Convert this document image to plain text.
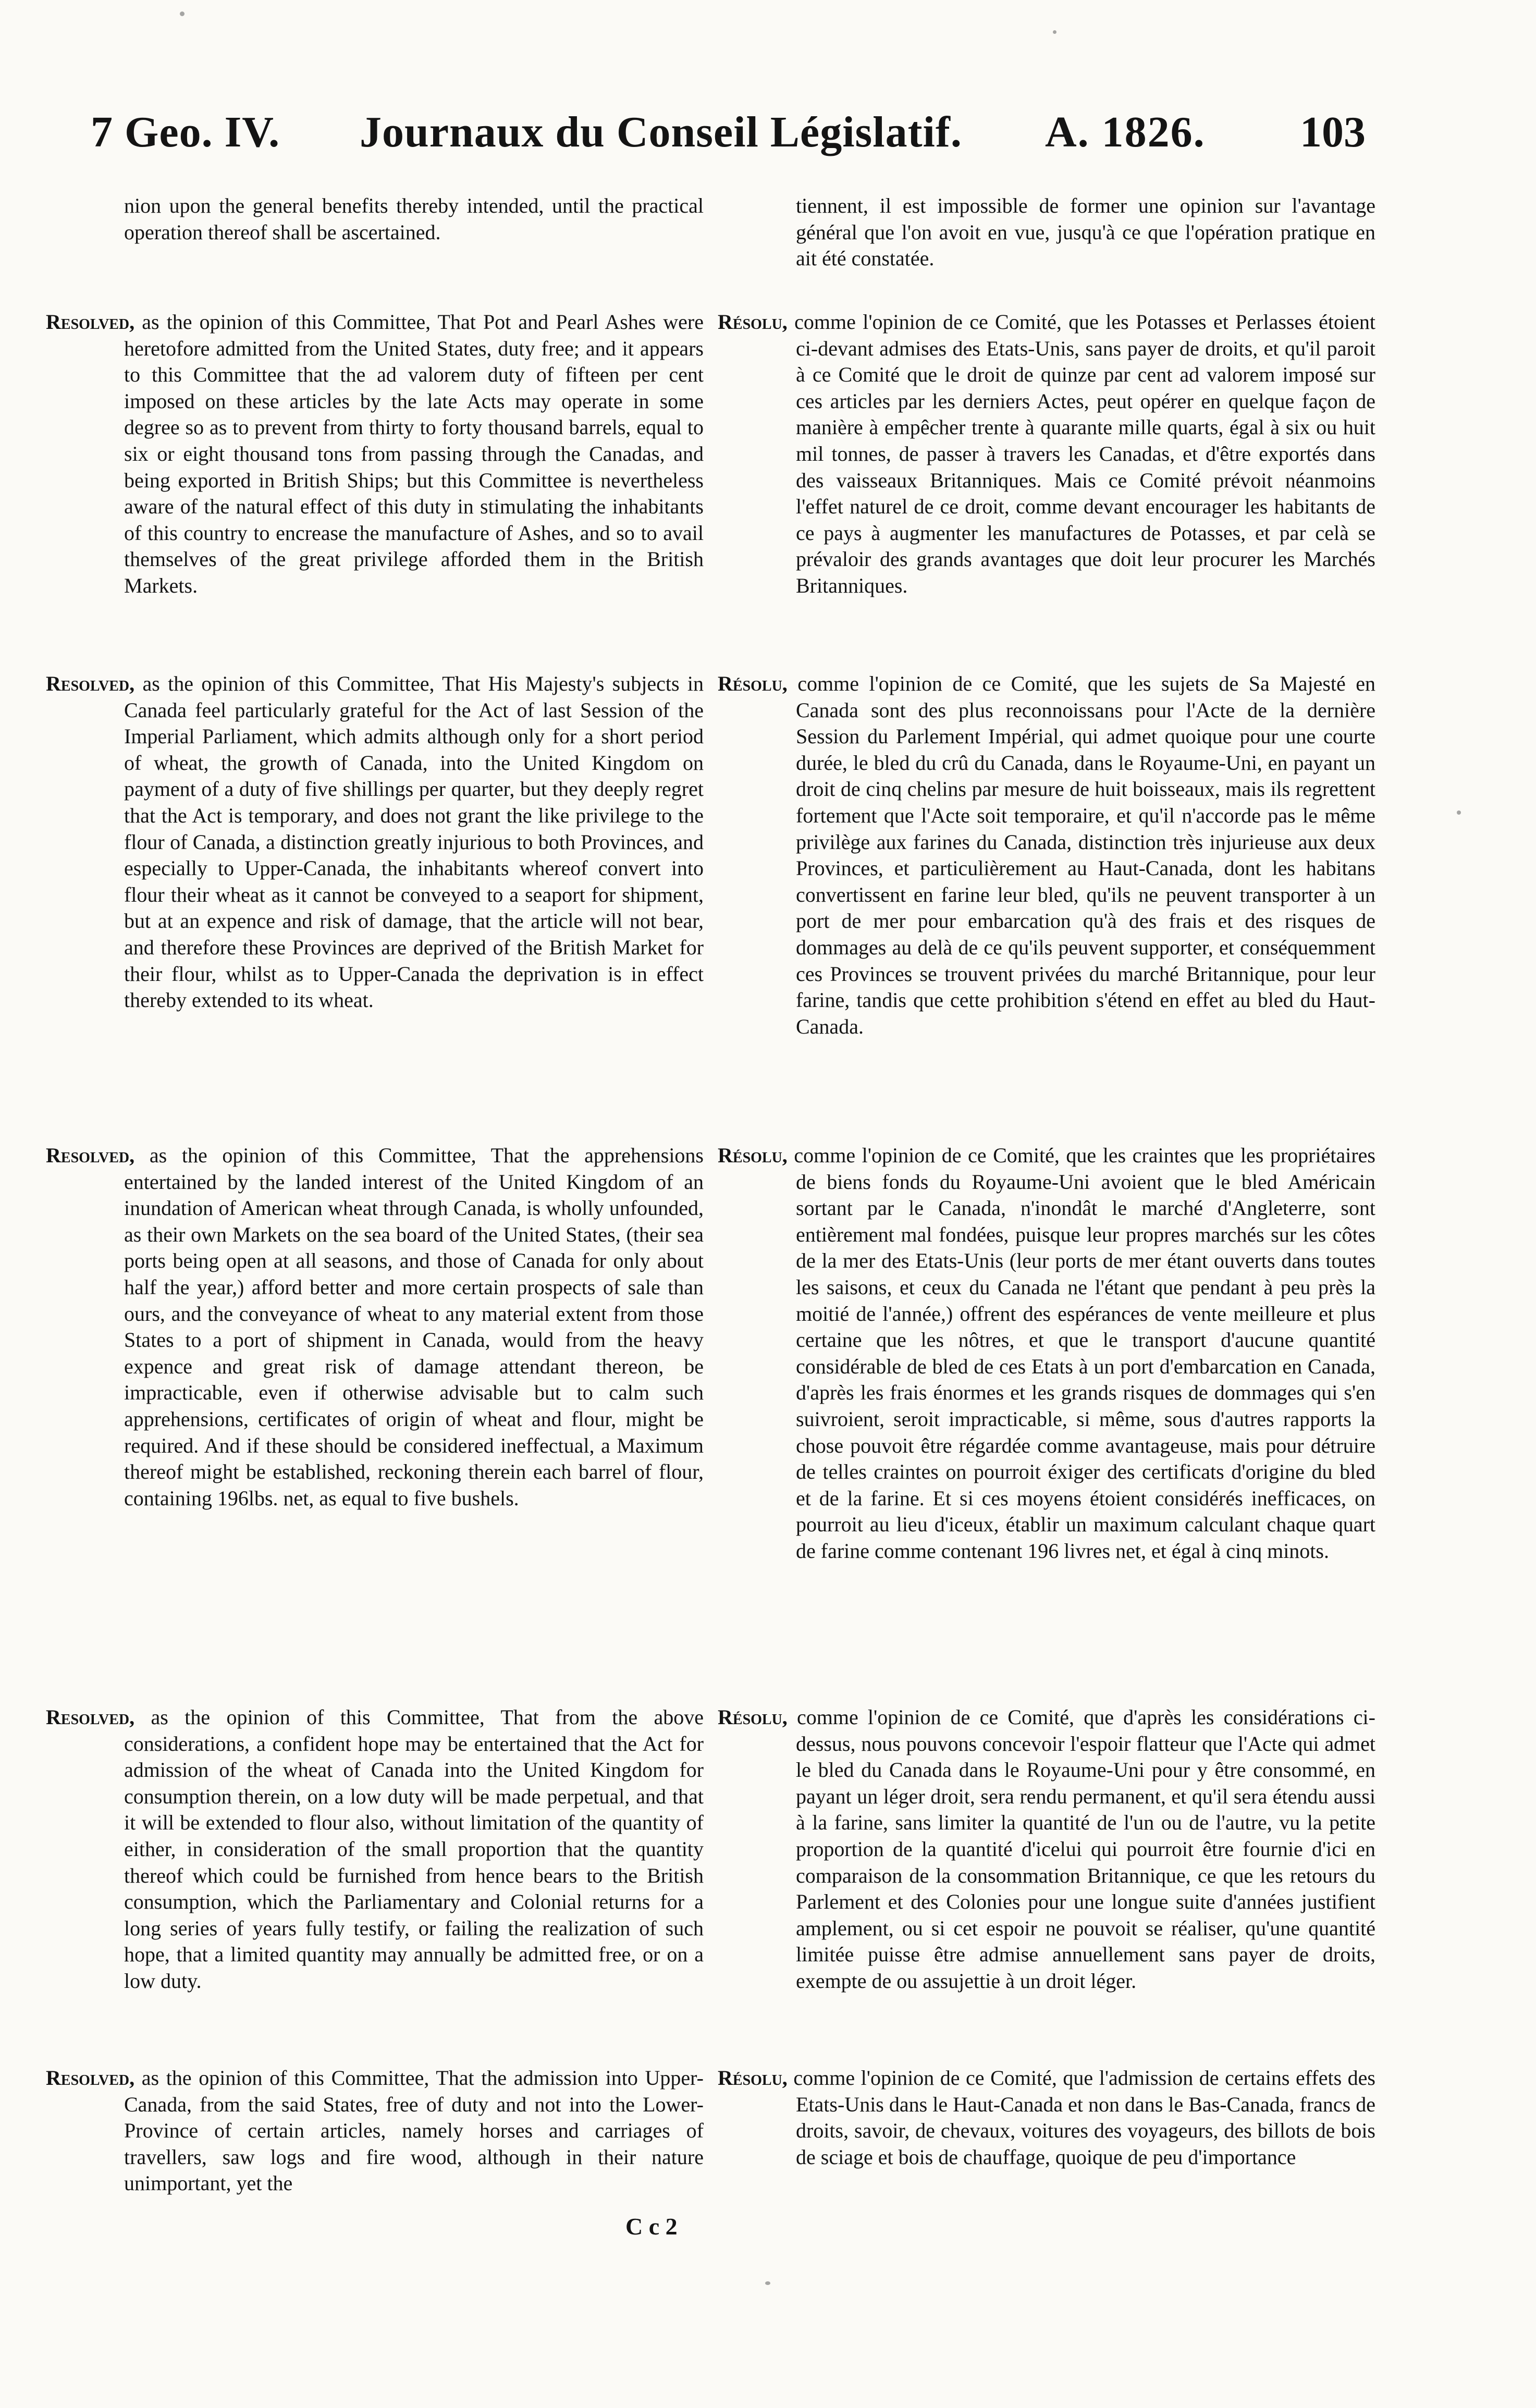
7 Geo. IV. Journaux du Conseil Législatif. A. 1826. 103

nion upon the general benefits thereby intended, until the practical operation thereof shall be ascertained.

Resolved, as the opinion of this Committee, That Pot and Pearl Ashes were heretofore admitted from the United States, duty free; and it appears to this Committee that the ad valorem duty of fifteen per cent imposed on these articles by the late Acts may operate in some degree so as to prevent from thirty to forty thousand barrels, equal to six or eight thousand tons from passing through the Canadas, and being exported in British Ships; but this Committee is nevertheless aware of the natural effect of this duty in stimulating the inhabitants of this country to encrease the manufacture of Ashes, and so to avail themselves of the great privilege afforded them in the British Markets.

Resolved, as the opinion of this Committee, That His Majesty's subjects in Canada feel particularly grateful for the Act of last Session of the Imperial Parliament, which admits although only for a short period of wheat, the growth of Canada, into the United Kingdom on payment of a duty of five shillings per quarter, but they deeply regret that the Act is temporary, and does not grant the like privilege to the flour of Canada, a distinction greatly injurious to both Provinces, and especially to Upper-Canada, the inhabitants whereof convert into flour their wheat as it cannot be conveyed to a seaport for shipment, but at an expence and risk of damage, that the article will not bear, and therefore these Provinces are deprived of the British Market for their flour, whilst as to Upper-Canada the deprivation is in effect thereby extended to its wheat.

Resolved, as the opinion of this Committee, That the apprehensions entertained by the landed interest of the United Kingdom of an inundation of American wheat through Canada, is wholly unfounded, as their own Markets on the sea board of the United States, (their sea ports being open at all seasons, and those of Canada for only about half the year,) afford better and more certain prospects of sale than ours, and the conveyance of wheat to any material extent from those States to a port of shipment in Canada, would from the heavy expence and great risk of damage attendant thereon, be impracticable, even if otherwise advisable but to calm such apprehensions, certificates of origin of wheat and flour, might be required. And if these should be considered ineffectual, a Maximum thereof might be established, reckoning therein each barrel of flour, containing 196lbs. net, as equal to five bushels.

Resolved, as the opinion of this Committee, That from the above considerations, a confident hope may be entertained that the Act for admission of the wheat of Canada into the United Kingdom for consumption therein, on a low duty will be made perpetual, and that it will be extended to flour also, without limitation of the quantity of either, in consideration of the small proportion that the quantity thereof which could be furnished from hence bears to the British consumption, which the Parliamentary and Colonial returns for a long series of years fully testify, or failing the realization of such hope, that a limited quantity may annually be admitted free, or on a low duty.

Resolved, as the opinion of this Committee, That the admission into Upper-Canada, from the said States, free of duty and not into the Lower-Province of certain articles, namely horses and carriages of travellers, saw logs and fire wood, although in their nature unimportant, yet the

tiennent, il est impossible de former une opinion sur l'avantage général que l'on avoit en vue, jusqu'à ce que l'opération pratique en ait été constatée.

Résolu, comme l'opinion de ce Comité, que les Potasses et Perlasses étoient ci-devant admises des Etats-Unis, sans payer de droits, et qu'il paroit à ce Comité que le droit de quinze par cent ad valorem imposé sur ces articles par les derniers Actes, peut opérer en quelque façon de manière à empêcher trente à quarante mille quarts, égal à six ou huit mil tonnes, de passer à travers les Canadas, et d'être exportés dans des vaisseaux Britanniques. Mais ce Comité prévoit néanmoins l'effet naturel de ce droit, comme devant encourager les habitants de ce pays à augmenter les manufactures de Potasses, et par celà se prévaloir des grands avantages que doit leur procurer les Marchés Britanniques.

Résolu, comme l'opinion de ce Comité, que les sujets de Sa Majesté en Canada sont des plus reconnoissans pour l'Acte de la dernière Session du Parlement Impérial, qui admet quoique pour une courte durée, le bled du crû du Canada, dans le Royaume-Uni, en payant un droit de cinq chelins par mesure de huit boisseaux, mais ils regrettent fortement que l'Acte soit temporaire, et qu'il n'accorde pas le même privilège aux farines du Canada, distinction très injurieuse aux deux Provinces, et particulièrement au Haut-Canada, dont les habitans convertissent en farine leur bled, qu'ils ne peuvent transporter à un port de mer pour embarcation qu'à des frais et des risques de dommages au delà de ce qu'ils peuvent supporter, et conséquemment ces Provinces se trouvent privées du marché Britannique, pour leur farine, tandis que cette prohibition s'étend en effet au bled du Haut-Canada.

Résolu, comme l'opinion de ce Comité, que les craintes que les propriétaires de biens fonds du Royaume-Uni avoient que le bled Américain sortant par le Canada, n'inondât le marché d'Angleterre, sont entièrement mal fondées, puisque leur propres marchés sur les côtes de la mer des Etats-Unis (leur ports de mer étant ouverts dans toutes les saisons, et ceux du Canada ne l'étant que pendant à peu près la moitié de l'année,) offrent des espérances de vente meilleure et plus certaine que les nôtres, et que le transport d'aucune quantité considérable de bled de ces Etats à un port d'embarcation en Canada, d'après les frais énormes et les grands risques de dommages qui s'en suivroient, seroit impracticable, si même, sous d'autres rapports la chose pouvoit être régardée comme avantageuse, mais pour détruire de telles craintes on pourroit éxiger des certificats d'origine du bled et de la farine. Et si ces moyens étoient considérés inefficaces, on pourroit au lieu d'iceux, établir un maximum calculant chaque quart de farine comme contenant 196 livres net, et égal à cinq minots.

Résolu, comme l'opinion de ce Comité, que d'après les considérations ci-dessus, nous pouvons concevoir l'espoir flatteur que l'Acte qui admet le bled du Canada dans le Royaume-Uni pour y être consommé, en payant un léger droit, sera rendu permanent, et qu'il sera étendu aussi à la farine, sans limiter la quantité de l'un ou de l'autre, vu la petite proportion de la quantité d'icelui qui pourroit être fournie d'ici en comparaison de la consommation Britannique, ce que les retours du Parlement et des Colonies pour une longue suite d'années justifient amplement, ou si cet espoir ne pouvoit se réaliser, qu'une quantité limitée puisse être admise annuellement sans payer de droits, exempte de ou assujettie à un droit léger.

Résolu, comme l'opinion de ce Comité, que l'admission de certains effets des Etats-Unis dans le Haut-Canada et non dans le Bas-Canada, francs de droits, savoir, de chevaux, voitures des voyageurs, des billots de bois de sciage et bois de chauffage, quoique de peu d'importance

C c 2
